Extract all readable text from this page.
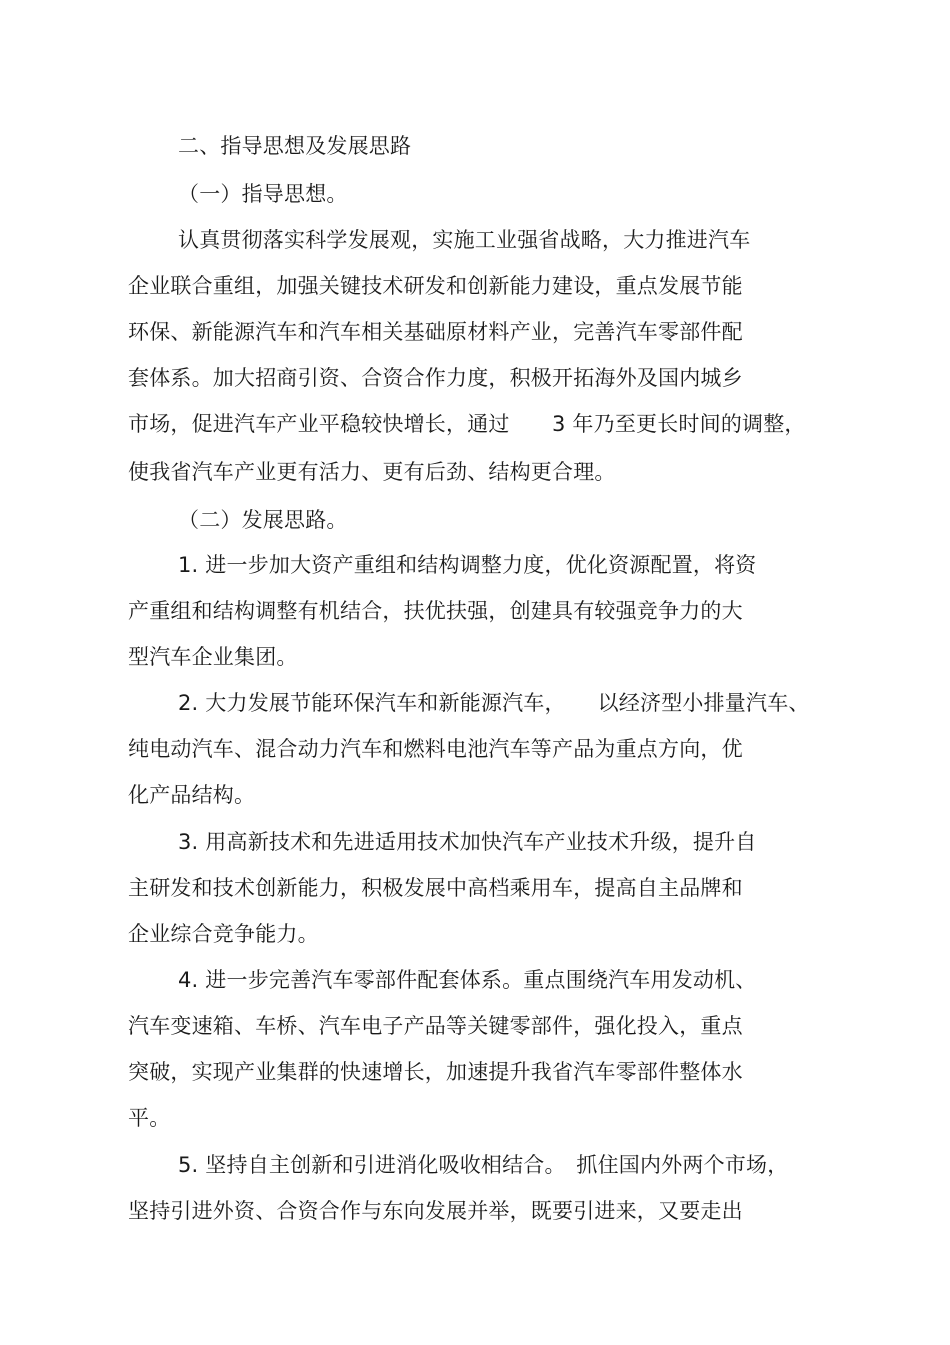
二、指导思想及发展思路
（一）指导思想。
认真贯彻落实科学发展观，实施工业强省战略，大力推进汽车
企业联合重组，加强关键技术研发和创新能力建设，重点发展节能
环保、新能源汽车和汽车相关基础原材料产业，完善汽车零部件配
套体系。加大招商引资、合资合作力度，积极开拓海外及国内城乡
市场，促进汽车产业平稳较快增长，通过　　3 年乃至更长时间的调整，
使我省汽车产业更有活力、更有后劲、结构更合理。
（二）发展思路。
1. 进一步加大资产重组和结构调整力度，优化资源配置，将资
产重组和结构调整有机结合，扶优扶强，创建具有较强竞争力的大
型汽车企业集团。
2. 大力发展节能环保汽车和新能源汽车，　　以经济型小排量汽车、
纯电动汽车、混合动力汽车和燃料电池汽车等产品为重点方向，优
化产品结构。
3. 用高新技术和先进适用技术加快汽车产业技术升级，提升自
主研发和技术创新能力，积极发展中高档乘用车，提高自主品牌和
企业综合竞争能力。
4. 进一步完善汽车零部件配套体系。重点围绕汽车用发动机、
汽车变速箱、车桥、汽车电子产品等关键零部件，强化投入，重点
突破，实现产业集群的快速增长，加速提升我省汽车零部件整体水
平。
5. 坚持自主创新和引进消化吸收相结合。　抓住国内外两个市场，
坚持引进外资、合资合作与东向发展并举，既要引进来，又要走出
